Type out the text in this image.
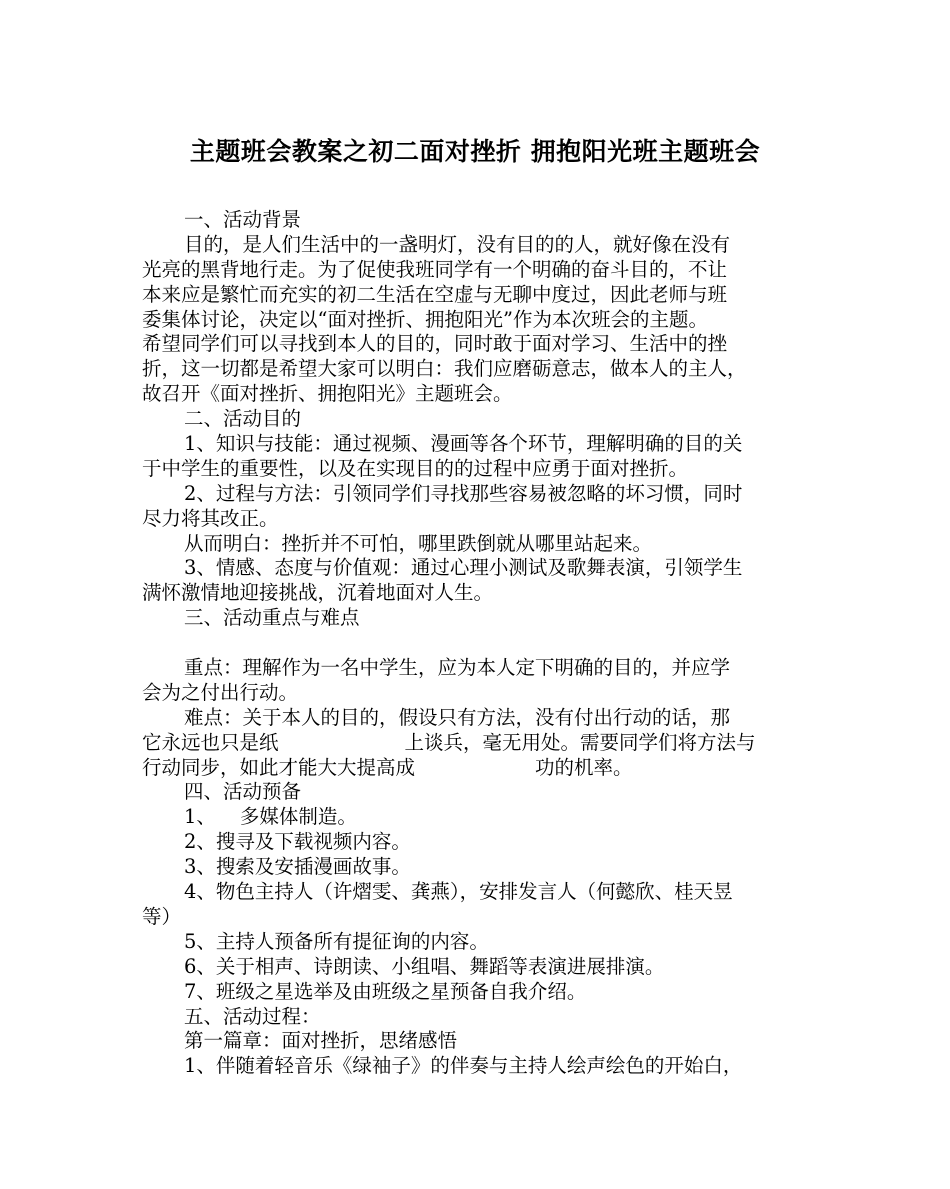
主题班会教案之初二面对挫折 拥抱阳光班主题班会
一、活动背景
目的，是人们生活中的一盏明灯，没有目的的人，就好像在没有
光亮的黑背地行走。为了促使我班同学有一个明确的奋斗目的，不让
本来应是繁忙而充实的初二生活在空虚与无聊中度过，因此老师与班
委集体讨论，决定以“面对挫折、拥抱阳光”作为本次班会的主题。
希望同学们可以寻找到本人的目的，同时敢于面对学习、生活中的挫
折，这一切都是希望大家可以明白：我们应磨砺意志，做本人的主人，
故召开《面对挫折、拥抱阳光》主题班会。
二、活动目的
1、知识与技能：通过视频、漫画等各个环节，理解明确的目的关
于中学生的重要性，以及在实现目的的过程中应勇于面对挫折。
2、过程与方法：引领同学们寻找那些容易被忽略的坏习惯，同时
尽力将其改正。
从而明白：挫折并不可怕，哪里跌倒就从哪里站起来。
3、情感、态度与价值观：通过心理小测试及歌舞表演，引领学生
满怀激情地迎接挑战，沉着地面对人生。
三、活动重点与难点
重点：理解作为一名中学生，应为本人定下明确的目的，并应学
会为之付出行动。
难点：关于本人的目的，假设只有方法，没有付出行动的话，那
它永远也只是纸	上谈兵，毫无用处。需要同学们将方法与
行动同步，如此才能大大提高成	功的机率。
四、活动预备
1、 多媒体制造。
2、搜寻及下载视频内容。
3、搜索及安插漫画故事。
4、物色主持人（许熠雯、龚燕），安排发言人（何懿欣、桂天昱
等）
5、主持人预备所有提征询的内容。
6、关于相声、诗朗读、小组唱、舞蹈等表演进展排演。
7、班级之星选举及由班级之星预备自我介绍。
五、活动过程：
第一篇章：面对挫折，思绪感悟
1、伴随着轻音乐《绿袖子》的伴奏与主持人绘声绘色的开始白，
